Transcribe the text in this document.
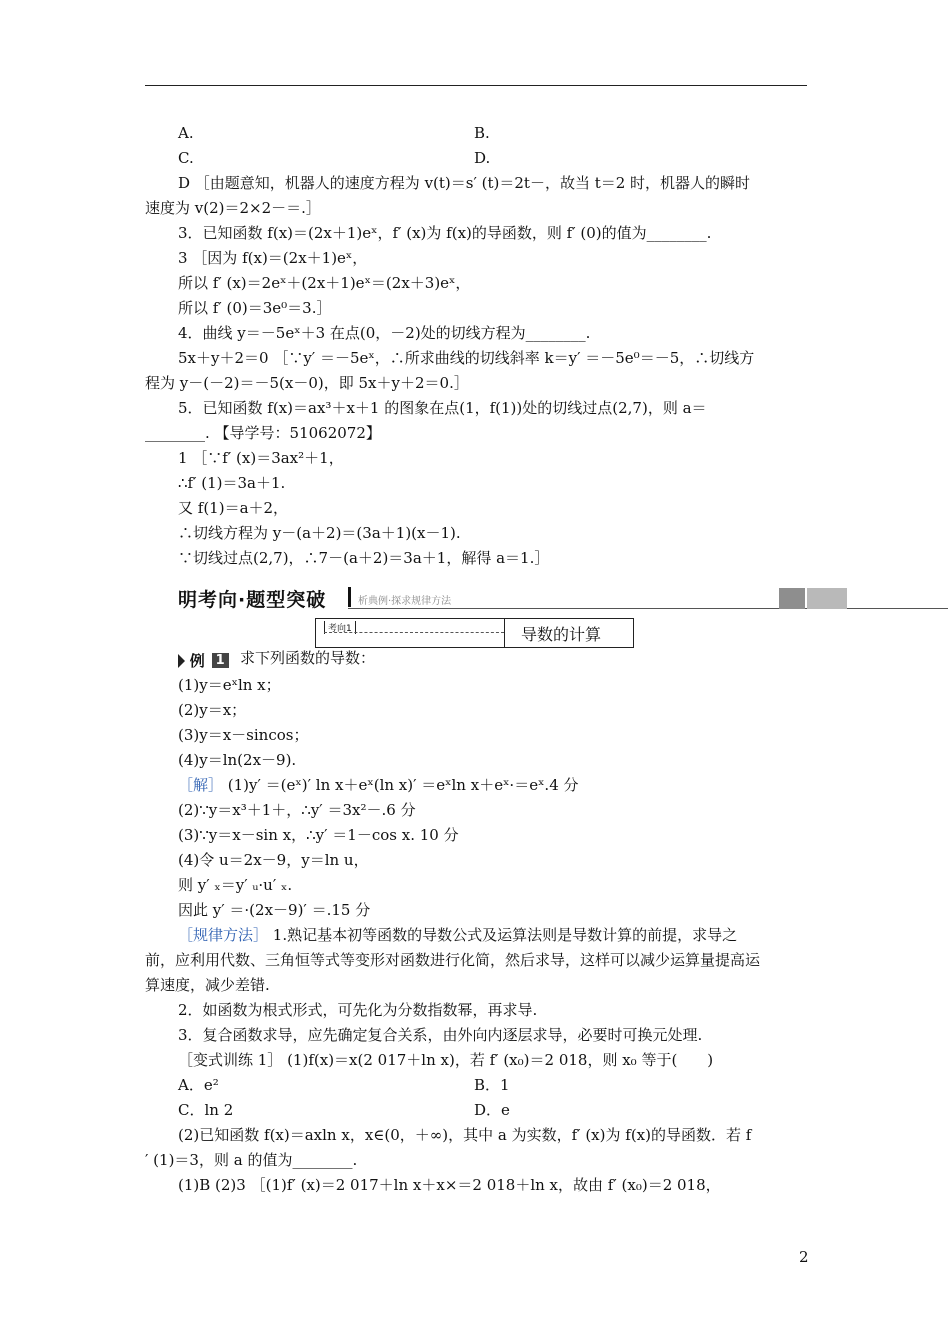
A.	B.
C.	D.
D ［由题意知，机器人的速度方程为 v(t)＝s′ (t)＝2t－，故当 t＝2 时，机器人的瞬时
速度为 v(2)＝2×2－＝.］
3．已知函数 f(x)＝(2x＋1)eˣ，f′ (x)为 f(x)的导函数，则 f′ (0)的值为________.
3 ［因为 f(x)＝(2x＋1)eˣ，
所以 f′ (x)＝2eˣ＋(2x＋1)eˣ＝(2x＋3)eˣ，
所以 f′ (0)＝3e⁰＝3.］
4．曲线 y＝－5eˣ＋3 在点(0，－2)处的切线方程为________.
5x＋y＋2＝0 ［∵y′ ＝－5eˣ，∴所求曲线的切线斜率 k＝y′ ＝－5e⁰＝－5，∴切线方
程为 y－(－2)＝－5(x－0)，即 5x＋y＋2＝0.］
5．已知函数 f(x)＝ax³＋x＋1 的图象在点(1，f(1))处的切线过点(2,7)，则 a＝
________. 【导学号：51062072】
1 ［∵f′ (x)＝3ax²＋1，
∴f′ (1)＝3a＋1.
又 f(1)＝a＋2，
∴切线方程为 y－(a＋2)＝(3a＋1)(x－1).
∵切线过点(2,7)，∴7－(a＋2)＝3a＋1，解得 a＝1.］
明考向·题型突破	析典例·探求规律方法
考向1	导数的计算
例 1 求下列函数的导数：
(1)y＝eˣln x；
(2)y＝x；
(3)y＝x－sincos；
(4)y＝ln(2x－9).
［解］ (1)y′ ＝(eˣ)′ ln x＋eˣ(ln x)′ ＝eˣln x＋eˣ·＝eˣ.4 分
(2)∵y＝x³＋1＋，∴y′ ＝3x²－.6 分
(3)∵y＝x－sin x，∴y′ ＝1－cos x. 10 分
(4)令 u＝2x－9，y＝ln u，
则 y′ ₓ＝y′ ᵤ·u′ ₓ.
因此 y′ ＝·(2x－9)′ ＝.15 分
［规律方法］ 1.熟记基本初等函数的导数公式及运算法则是导数计算的前提，求导之
前，应利用代数、三角恒等式等变形对函数进行化简，然后求导，这样可以减少运算量提高运
算速度，减少差错.
2．如函数为根式形式，可先化为分数指数幂，再求导.
3．复合函数求导，应先确定复合关系，由外向内逐层求导，必要时可换元处理.
［变式训练 1］ (1)f(x)＝x(2 017＋ln x)，若 f′ (x₀)＝2 018，则 x₀ 等于(　　)
A．e²	B．1
C．ln 2	D．e
(2)已知函数 f(x)＝axln x，x∈(0，＋∞)，其中 a 为实数，f′ (x)为 f(x)的导函数．若 f
′ (1)＝3，则 a 的值为________.
(1)B (2)3 ［(1)f′ (x)＝2 017＋ln x＋x×＝2 018＋ln x，故由 f′ (x₀)＝2 018，
2
